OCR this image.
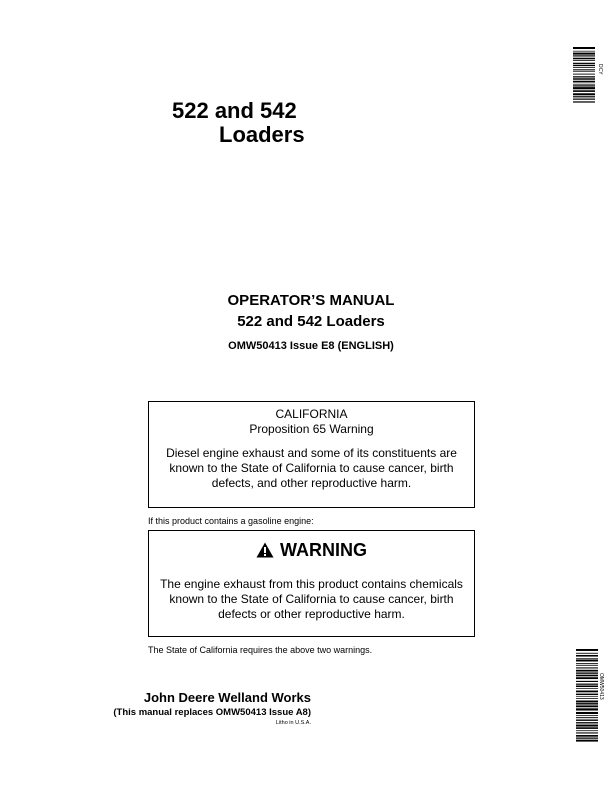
522 and 542
Loaders
OPERATOR’S MANUAL
522 and 542 Loaders
OMW50413 Issue E8 (ENGLISH)
CALIFORNIA
Proposition 65 Warning
Diesel engine exhaust and some of its constituents are
known to the State of California to cause cancer, birth
defects, and other reproductive harm.
If this product contains a gasoline engine:
WARNING
The engine exhaust from this product contains chemicals
known to the State of California to cause cancer, birth
defects or other reproductive harm.
The State of California requires the above two warnings.
John Deere Welland Works
(This manual replaces OMW50413 Issue A8)
Litho in U.S.A.
DCY
OMW50413
